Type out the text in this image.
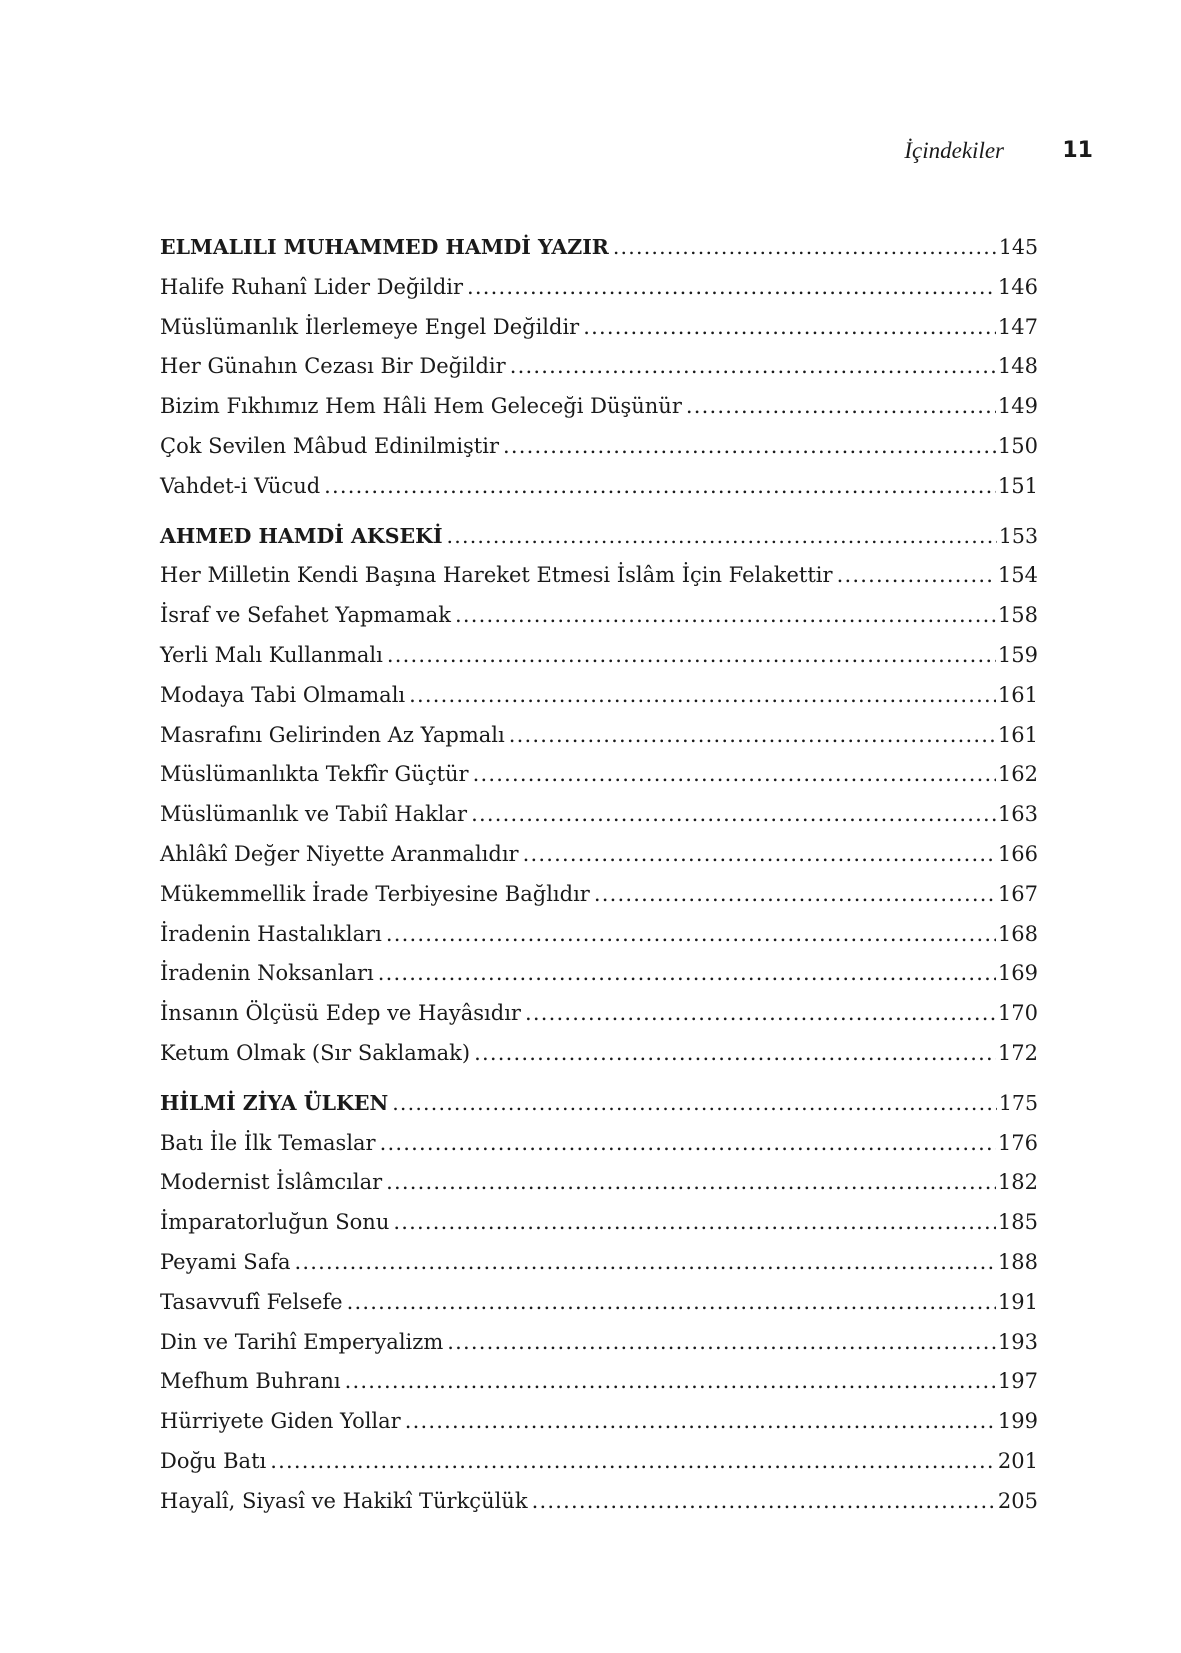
İçindekiler	11
ELMALILI MUHAMMED HAMDİ YAZIR .....	145
Halife Ruhanî Lider Değildir .....	146
Müslümanlık İlerlemeye Engel Değildir .....	147
Her Günahın Cezası Bir Değildir .....	148
Bizim Fıkhımız Hem Hâli Hem Geleceği Düşünür .....	149
Çok Sevilen Mâbud Edinilmiştir .....	150
Vahdet-i Vücud .....	151
AHMED HAMDİ AKSEKİ .....	153
Her Milletin Kendi Başına Hareket Etmesi İslâm İçin Felakettir .....	154
İsraf ve Sefahet Yapmamak .....	158
Yerli Malı Kullanmalı .....	159
Modaya Tabi Olmamalı .....	161
Masrafını Gelirinden Az Yapmalı .....	161
Müslümanlıkta Tekfîr Güçtür .....	162
Müslümanlık ve Tabiî Haklar .....	163
Ahlâkî Değer Niyette Aranmalıdır .....	166
Mükemmellik İrade Terbiyesine Bağlıdır .....	167
İradenin Hastalıkları .....	168
İradenin Noksanları .....	169
İnsanın Ölçüsü Edep ve Hayâsıdır .....	170
Ketum Olmak (Sır Saklamak) .....	172
HİLMİ ZİYA ÜLKEN .....	175
Batı İle İlk Temaslar .....	176
Modernist İslâmcılar .....	182
İmparatorluğun Sonu .....	185
Peyami Safa .....	188
Tasavvufî Felsefe .....	191
Din ve Tarihî Emperyalizm .....	193
Mefhum Buhranı .....	197
Hürriyete Giden Yollar .....	199
Doğu Batı .....	201
Hayalî, Siyasî ve Hakikî Türkçülük .....	205
